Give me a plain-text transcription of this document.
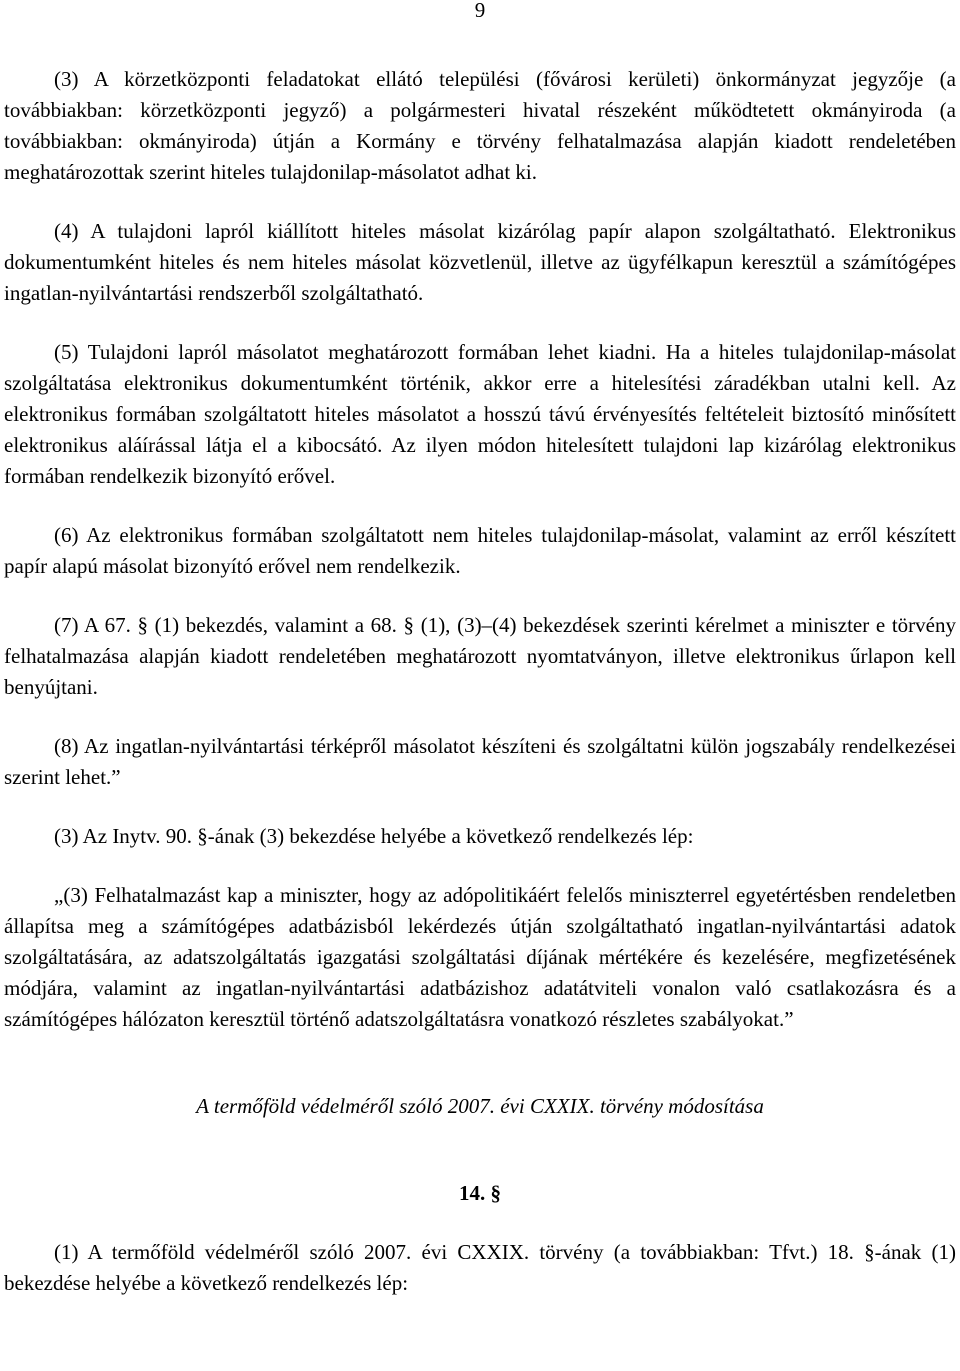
9

(3) A körzetközponti feladatokat ellátó települési (fővárosi kerületi) önkormányzat jegyzője (a továbbiakban: körzetközponti jegyző) a polgármesteri hivatal részeként működtetett okmányiroda (a továbbiakban: okmányiroda) útján a Kormány e törvény felhatalmazása alapján kiadott rendeletében meghatározottak szerint hiteles tulajdonilap-másolatot adhat ki.

(4) A tulajdoni lapról kiállított hiteles másolat kizárólag papír alapon szolgáltatható. Elektronikus dokumentumként hiteles és nem hiteles másolat közvetlenül, illetve az ügyfélkapun keresztül a számítógépes ingatlan-nyilvántartási rendszerből szolgáltatható.

(5) Tulajdoni lapról másolatot meghatározott formában lehet kiadni. Ha a hiteles tulajdonilap-másolat szolgáltatása elektronikus dokumentumként történik, akkor erre a hitelesítési záradékban utalni kell. Az elektronikus formában szolgáltatott hiteles másolatot a hosszú távú érvényesítés feltételeit biztosító minősített elektronikus aláírással látja el a kibocsátó. Az ilyen módon hitelesített tulajdoni lap kizárólag elektronikus formában rendelkezik bizonyító erővel.

(6) Az elektronikus formában szolgáltatott nem hiteles tulajdonilap-másolat, valamint az erről készített papír alapú másolat bizonyító erővel nem rendelkezik.

(7) A 67. § (1) bekezdés, valamint a 68. § (1), (3)–(4) bekezdések szerinti kérelmet a miniszter e törvény felhatalmazása alapján kiadott rendeletében meghatározott nyomtatványon, illetve elektronikus űrlapon kell benyújtani.

(8) Az ingatlan-nyilvántartási térképről másolatot készíteni és szolgáltatni külön jogszabály rendelkezései szerint lehet.”

(3) Az Inytv. 90. §-ának (3) bekezdése helyébe a következő rendelkezés lép:

„(3) Felhatalmazást kap a miniszter, hogy az adópolitikáért felelős miniszterrel egyetértésben rendeletben állapítsa meg a számítógépes adatbázisból lekérdezés útján szolgáltatható ingatlan-nyilvántartási adatok szolgáltatására, az adatszolgáltatás igazgatási szolgáltatási díjának mértékére és kezelésére, megfizetésének módjára, valamint az ingatlan-nyilvántartási adatbázishoz adatátviteli vonalon való csatlakozásra és a számítógépes hálózaton keresztül történő adatszolgáltatásra vonatkozó részletes szabályokat.”

A termőföld védelméről szóló 2007. évi CXXIX. törvény módosítása

14. §

(1) A termőföld védelméről szóló 2007. évi CXXIX. törvény (a továbbiakban: Tfvt.) 18. §-ának (1) bekezdése helyébe a következő rendelkezés lép:
